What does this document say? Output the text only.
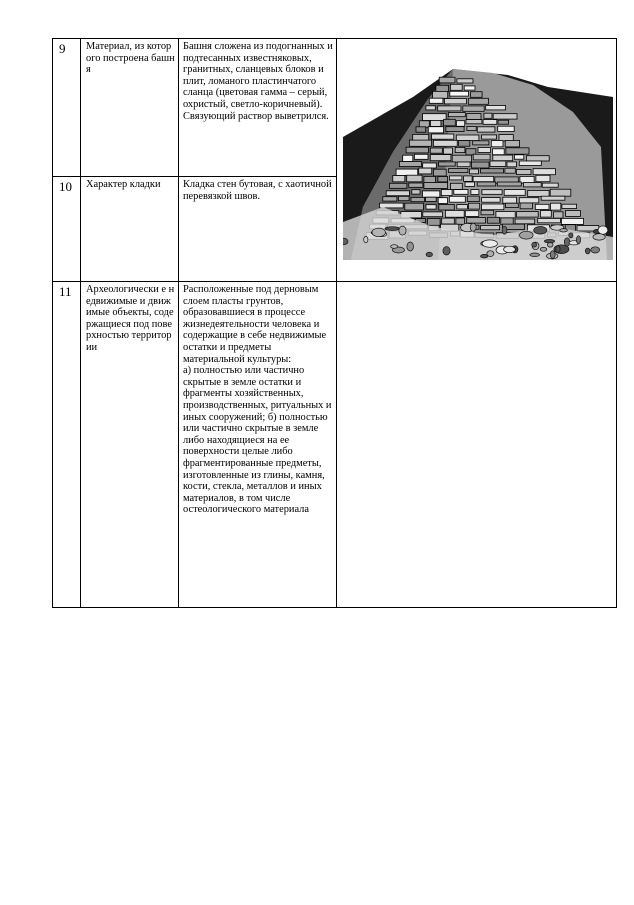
9	Материал, из которого построена башня	Башня сложена из подогнанных и подтесанных известняковых, гранитных, сланцевых блоков и плит, ломаного пластинчатого сланца (цветовая гамма – серый, охристый, светло-коричневый). Связующий раствор выветрился.

10	Характер кладки	Кладка стен бутовая, с хаотичной перевязкой швов.	

11	Археологически е недвижимые и движимые объекты, содержащиеся под поверхностью территории	Расположенные под дерновым слоем пласты грунтов, образовавшиеся в процессе жизнедеятельности человека и содержащие в себе недвижимые остатки и предметы материальной культуры:

а) полностью или частично скрытые в земле остатки и фрагменты хозяйственных, производственных, ритуальных и иных сооружений; б) полностью или частично скрытые в земле либо находящиеся на ее поверхности целые либо фрагментированные предметы, изготовленные из глины, камня, кости, стекла, металлов и иных материалов, в том числе остеологического материала	
